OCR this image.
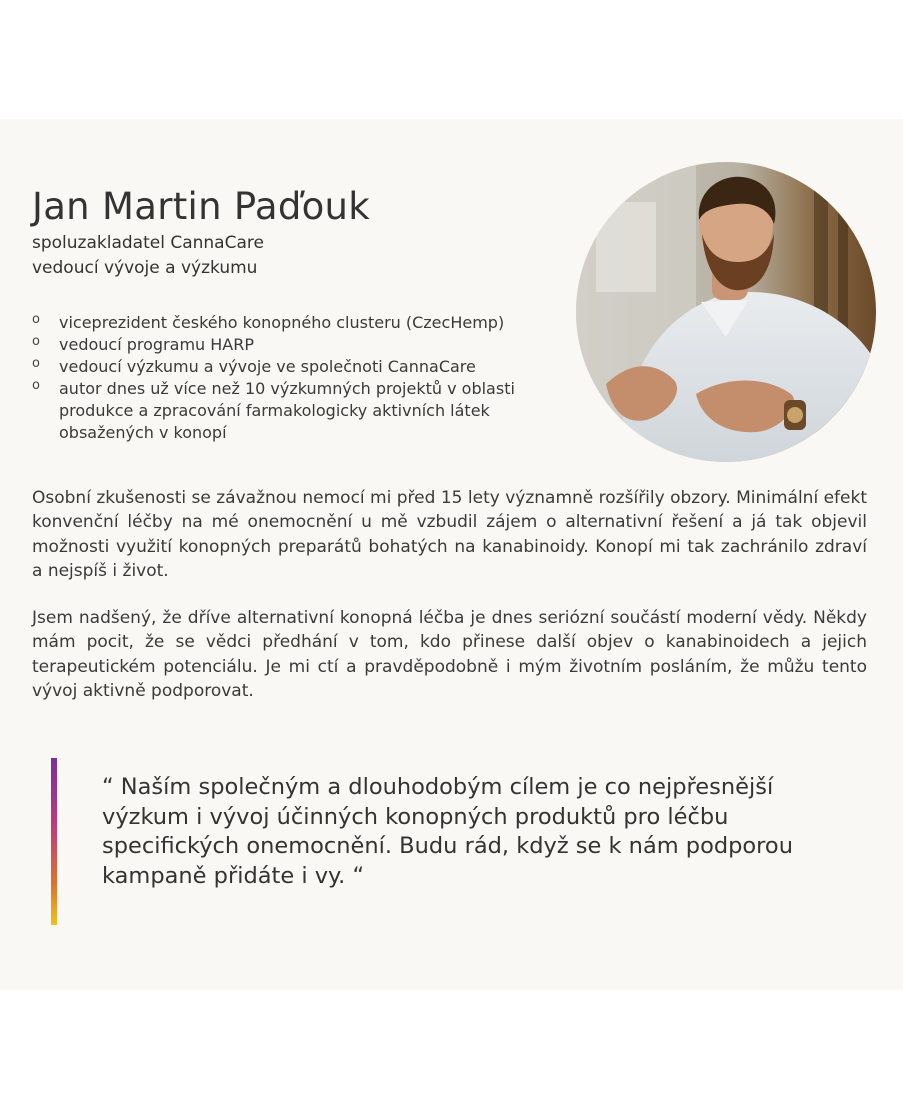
Jan Martin Paďouk
spoluzakladatel CannaCare
vedoucí vývoje a výzkumu
o viceprezident českého konopného clusteru (CzecHemp)
o vedoucí programu HARP
o vedoucí výzkumu a vývoje ve společnoti CannaCare
o autor dnes už více než 10 výzkumných projektů v oblasti produkce a zpracování farmakologicky aktivních látek obsažených v konopí

Osobní zkušenosti se závažnou nemocí mi před 15 lety významně rozšířily obzory. Minimální efekt konvenční léčby na mé onemocnění u mě vzbudil zájem o alternativní řešení a já tak objevil možnosti využití konopných preparátů bohatých na kanabinoidy. Konopí mi tak zachránilo zdraví a nejspíš i život.

Jsem nadšený, že dříve alternativní konopná léčba je dnes seriózní součástí moderní vědy. Někdy mám pocit, že se vědci předhání v tom, kdo přinese další objev o kanabinoidech a jejich terapeutickém potenciálu. Je mi ctí a pravděpodobně i mým životním posláním, že můžu tento vývoj aktivně podporovat.

“ Naším společným a dlouhodobým cílem je co nejpřesnější výzkum i vývoj účinných konopných produktů pro léčbu specifických onemocnění. Budu rád, když se k nám podporou kampaně přidáte i vy. “
